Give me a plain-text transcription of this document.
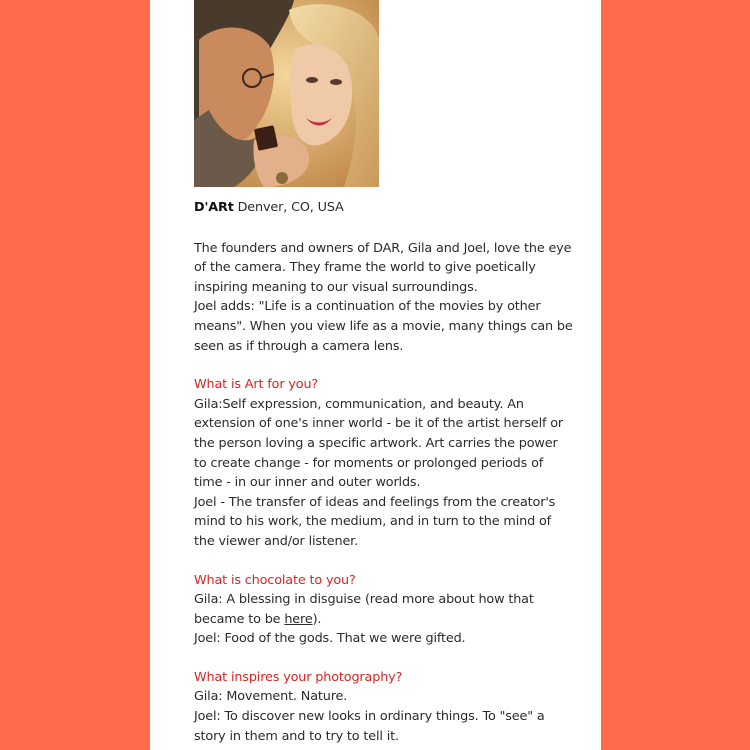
D'ARt Denver, CO, USA

The founders and owners of DAR, Gila and Joel, love the eye of the camera. They frame the world to give poetically inspiring meaning to our visual surroundings.

Joel adds: "Life is a continuation of the movies by other means". When you view life as a movie, many things can be seen as if through a camera lens.

What is Art for you?

Gila:Self expression, communication, and beauty. An extension of one's inner world - be it of the artist herself or the person loving a specific artwork. Art carries the power to create change - for moments or prolonged periods of time - in our inner and outer worlds.

Joel - The transfer of ideas and feelings from the creator's mind to his work, the medium, and in turn to the mind of the viewer and/or listener.

What is chocolate to you?

Gila: A blessing in disguise (read more about how that became to be here).

Joel: Food of the gods. That we were gifted.

What inspires your photography?

Gila: Movement. Nature.

Joel: To discover new looks in ordinary things. To "see" a story in them and to try to tell it.
